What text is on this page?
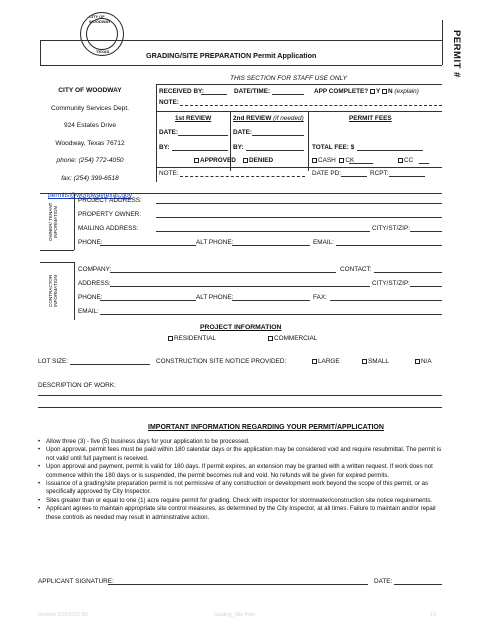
CITY OF WOODWAY
TEXAS	GRADING/SITE PREPARATION Permit Application	PERMIT #
CITY OF WOODWAY
Community Services Dept.
924 Estates Drive
Woodway, Texas 76712
phone: (254) 772-4050
fax: (254) 399-6518
permits@woodwaytexas.gov
THIS SECTION FOR STAFF USE ONLY
RECEIVED BY:	DATE/TIME:	APP COMPLETE? Y N (explain)
NOTE:
1st REVIEW	2nd REVIEW (if needed)	PERMIT FEES
DATE:	DATE:
BY:	BY:	TOTAL FEE: $
APPROVED DENIED	CASH CK	CC
NOTE:	DATE PD:	RCPT:
OWNER/ TENANT
INFORMATION
PROJECT ADDRESS:
PROPERTY OWNER:
MAILING ADDRESS:	CITY/ST/ZIP:
PHONE:	ALT PHONE:	EMAIL:
CONTRACTOR
INFORMATION
COMPANY:	CONTACT:
ADDRESS:	CITY/ST/ZIP:
PHONE:	ALT PHONE:	FAX:
EMAIL:
PROJECT INFORMATION
RESIDENTIAL	COMMERCIAL
LOT SIZE:	CONSTRUCTION SITE NOTICE PROVIDED:	LARGE	SMALL	N/A
DESCRIPTION OF WORK:
IMPORTANT INFORMATION REGARDING YOUR PERMIT/APPLICATION
• Allow three (3) - five (5) business days for your application to be processed.
• Upon approval, permit fees must be paid within 180 calendar days or the application may be considered void and require resubmittal. The permit is not valid until full payment is received.
• Upon approval and payment, permit is valid for 180 days. If permit expires, an extension may be granted with a written request. If work does not commence within the 180 days or is suspended, the permit becomes null and void. No refunds will be given for expired permits.
• Issuance of a grading/site preparation permit is not permissive of any construction or development work beyond the scope of this permit, or as specifically approved by City Inspector.
• Sites greater than or equal to one (1) acre require permit for grading. Check with inspector for stormwater/construction site notice requirements.
• Applicant agrees to maintain appropriate site control measures, as determined by the City Inspector, at all times. Failure to maintain and/or repair these controls as needed may result in administrative action.
APPLICANT SIGNATURE:	DATE:
Revised 3/15/2023 SR	Grading_Site Prep	1/1
